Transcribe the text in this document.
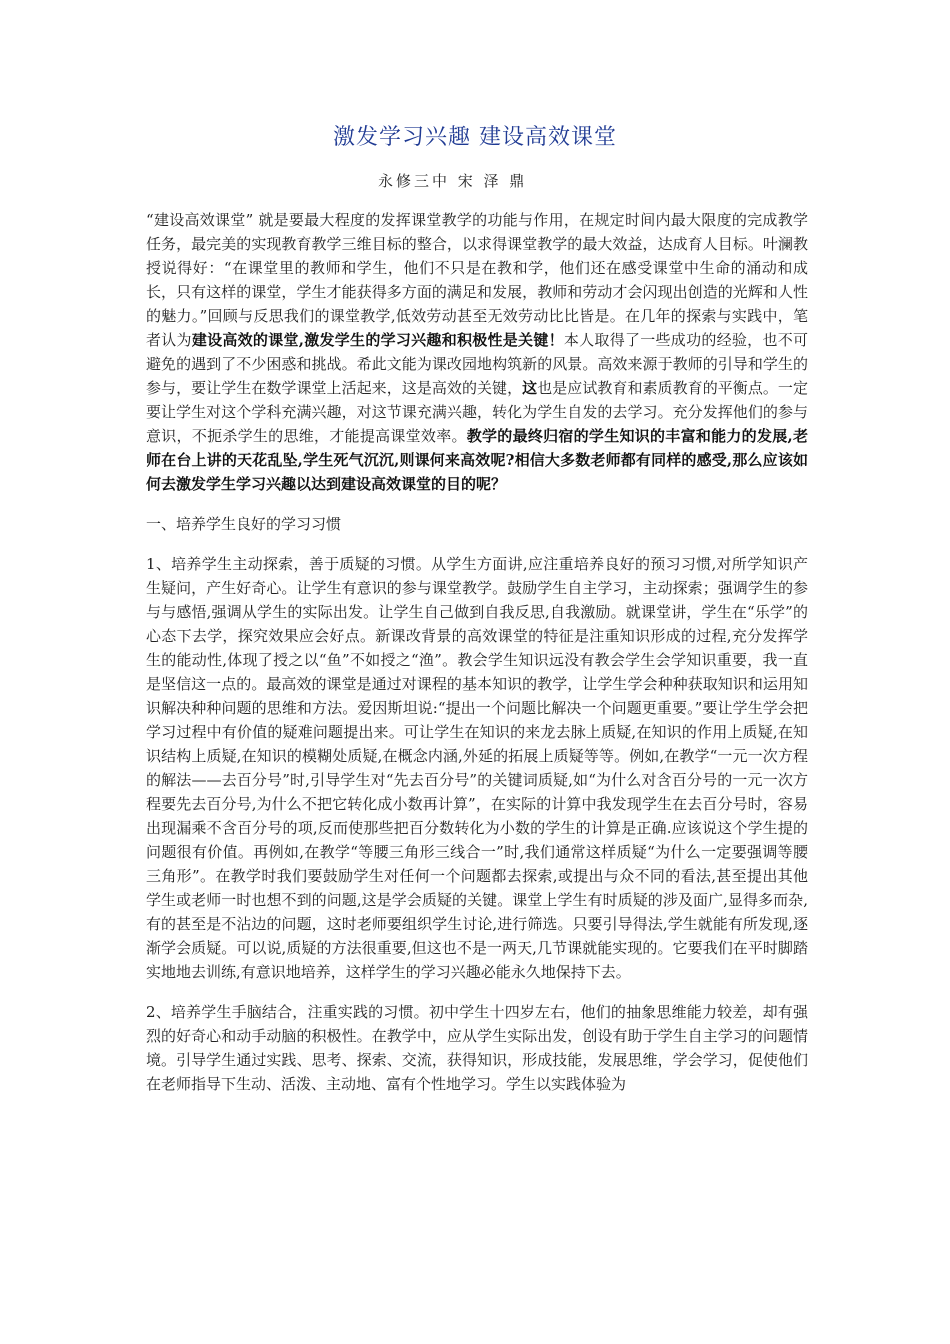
激发学习兴趣 建设高效课堂
永修三中 宋 泽 鼎

“建设高效课堂” 就是要最大程度的发挥课堂教学的功能与作用，在规定时间内最大限度的完成教学任务，最完美的实现教育教学三维目标的整合，以求得课堂教学的最大效益，达成育人目标。叶澜教授说得好：“在课堂里的教师和学生，他们不只是在教和学，他们还在感受课堂中生命的涌动和成长，只有这样的课堂，学生才能获得多方面的满足和发展，教师和劳动才会闪现出创造的光辉和人性的魅力。”回顾与反思我们的课堂教学,低效劳动甚至无效劳动比比皆是。在几年的探索与实践中，笔者认为建设高效的课堂,激发学生的学习兴趣和积极性是关键！本人取得了一些成功的经验，也不可避免的遇到了不少困惑和挑战。希此文能为课改园地构筑新的风景。高效来源于教师的引导和学生的参与，要让学生在数学课堂上活起来，这是高效的关键，这也是应试教育和素质教育的平衡点。一定要让学生对这个学科充满兴趣，对这节课充满兴趣，转化为学生自发的去学习。充分发挥他们的参与意识，不扼杀学生的思维，才能提高课堂效率。教学的最终归宿的学生知识的丰富和能力的发展,老师在台上讲的天花乱坠,学生死气沉沉,则课何来高效呢?相信大多数老师都有同样的感受,那么应该如何去激发学生学习兴趣以达到建设高效课堂的目的呢？

一、培养学生良好的学习习惯

1、培养学生主动探索，善于质疑的习惯。从学生方面讲,应注重培养良好的预习习惯,对所学知识产生疑问，产生好奇心。让学生有意识的参与课堂教学。鼓励学生自主学习，主动探索；强调学生的参与与感悟,强调从学生的实际出发。让学生自己做到自我反思,自我激励。就课堂讲，学生在“乐学”的心态下去学，探究效果应会好点。新课改背景的高效课堂的特征是注重知识形成的过程,充分发挥学生的能动性,体现了授之以“鱼”不如授之“渔”。教会学生知识远没有教会学生会学知识重要，我一直是坚信这一点的。最高效的课堂是通过对课程的基本知识的教学，让学生学会种种获取知识和运用知识解决种种问题的思维和方法。爱因斯坦说:“提出一个问题比解决一个问题更重要。”要让学生学会把学习过程中有价值的疑难问题提出来。可让学生在知识的来龙去脉上质疑,在知识的作用上质疑,在知识结构上质疑,在知识的模糊处质疑,在概念内涵,外延的拓展上质疑等等。例如,在教学“一元一次方程的解法——去百分号”时,引导学生对“先去百分号”的关键词质疑,如“为什么对含百分号的一元一次方程要先去百分号,为什么不把它转化成小数再计算”，在实际的计算中我发现学生在去百分号时，容易出现漏乘不含百分号的项,反而使那些把百分数转化为小数的学生的计算是正确.应该说这个学生提的问题很有价值。再例如,在教学“等腰三角形三线合一”时,我们通常这样质疑“为什么一定要强调等腰三角形”。在教学时我们要鼓励学生对任何一个问题都去探索,或提出与众不同的看法,甚至提出其他学生或老师一时也想不到的问题,这是学会质疑的关键。课堂上学生有时质疑的涉及面广,显得多而杂,有的甚至是不沾边的问题，这时老师要组织学生讨论,进行筛选。只要引导得法,学生就能有所发现,逐渐学会质疑。可以说,质疑的方法很重要,但这也不是一两天,几节课就能实现的。它要我们在平时脚踏实地地去训练,有意识地培养，这样学生的学习兴趣必能永久地保持下去。

2、培养学生手脑结合，注重实践的习惯。初中学生十四岁左右，他们的抽象思维能力较差，却有强烈的好奇心和动手动脑的积极性。在教学中，应从学生实际出发，创设有助于学生自主学习的问题情境。引导学生通过实践、思考、探索、交流，获得知识，形成技能，发展思维，学会学习，促使他们在老师指导下生动、活泼、主动地、富有个性地学习。学生以实践体验为
